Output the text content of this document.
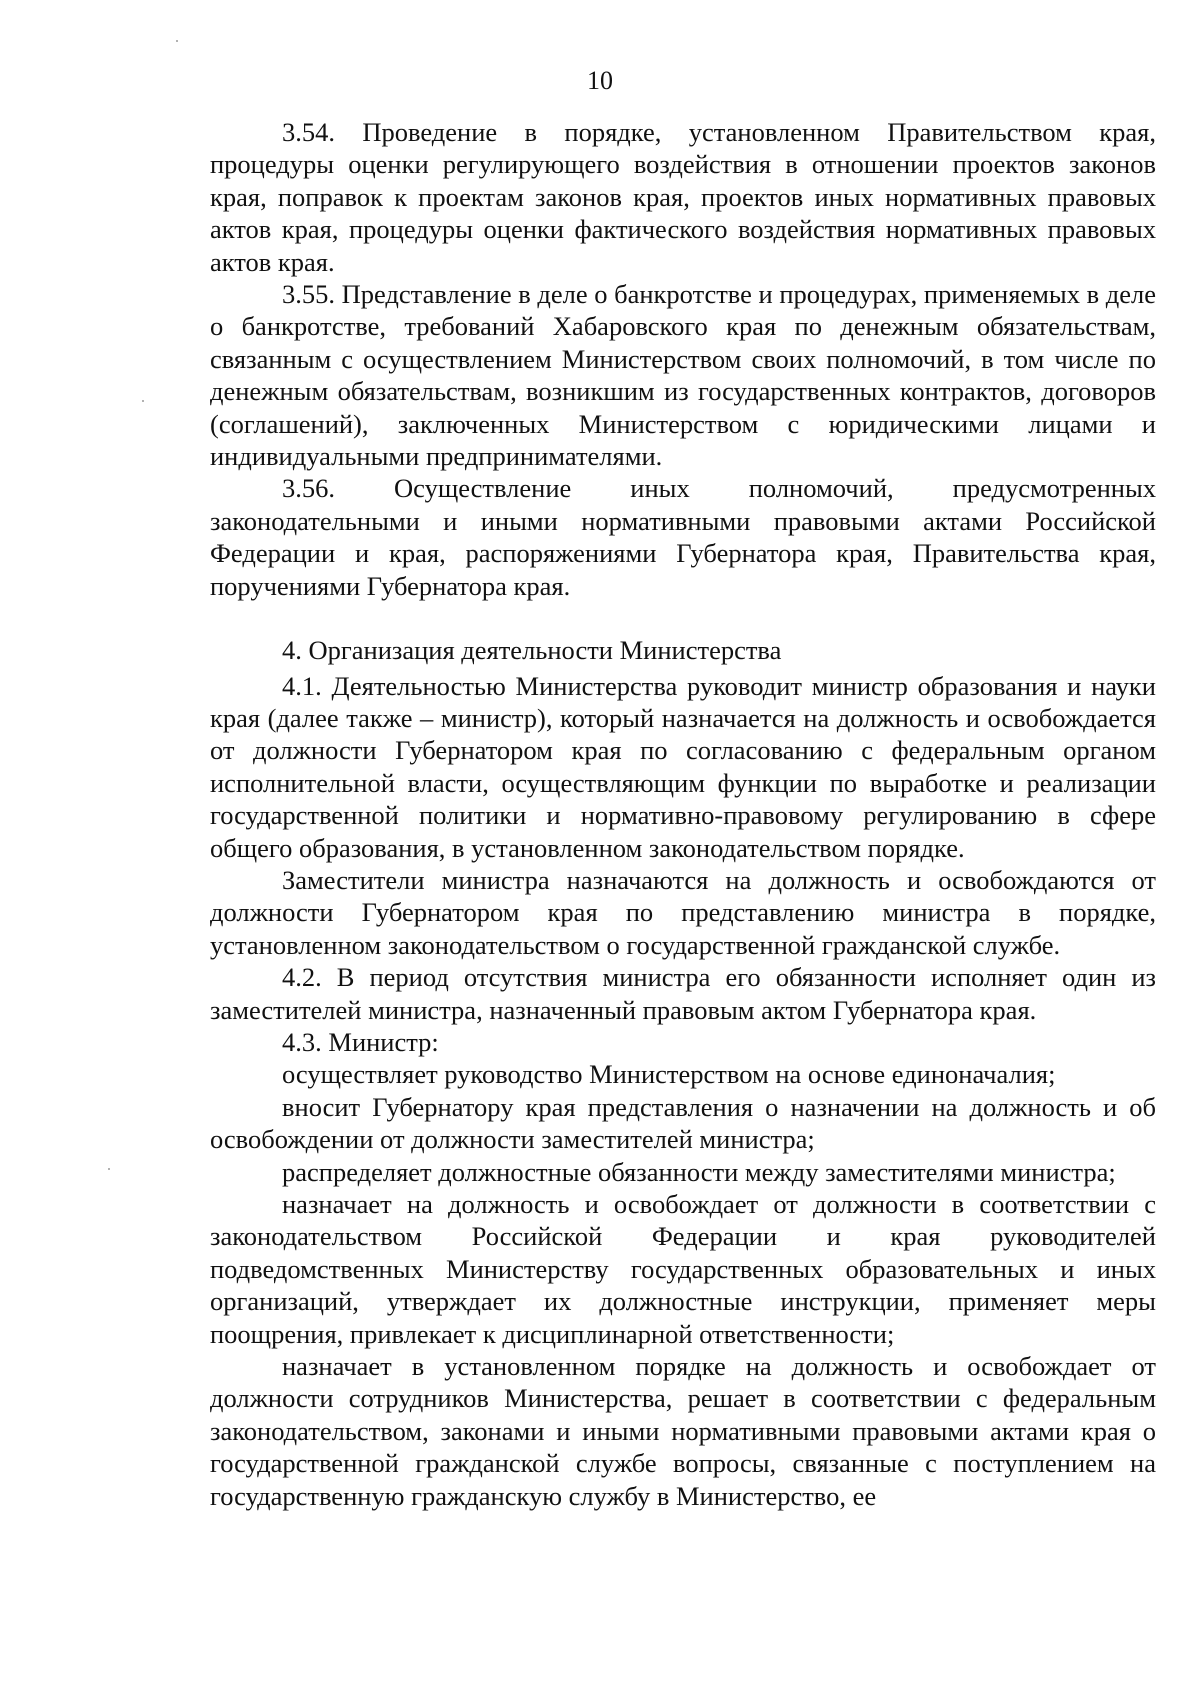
10

3.54. Проведение в порядке, установленном Правительством края, процедуры оценки регулирующего воздействия в отношении проектов законов края, поправок к проектам законов края, проектов иных нормативных правовых актов края, процедуры оценки фактического воздействия нормативных правовых актов края.

3.55. Представление в деле о банкротстве и процедурах, применяемых в деле о банкротстве, требований Хабаровского края по денежным обязательствам, связанным с осуществлением Министерством своих полномочий, в том числе по денежным обязательствам, возникшим из государственных контрактов, договоров (соглашений), заключенных Министерством с юридическими лицами и индивидуальными предпринимателями.

3.56. Осуществление иных полномочий, предусмотренных законодательными и иными нормативными правовыми актами Российской Федерации и края, распоряжениями Губернатора края, Правительства края, поручениями Губернатора края.

4. Организация деятельности Министерства

4.1. Деятельностью Министерства руководит министр образования и науки края (далее также – министр), который назначается на должность и освобождается от должности Губернатором края по согласованию с федеральным органом исполнительной власти, осуществляющим функции по выработке и реализации государственной политики и нормативно-правовому регулированию в сфере общего образования, в установленном законодательством порядке.

Заместители министра назначаются на должность и освобождаются от должности Губернатором края по представлению министра в порядке, установленном законодательством о государственной гражданской службе.

4.2. В период отсутствия министра его обязанности исполняет один из заместителей министра, назначенный правовым актом Губернатора края.

4.3. Министр:

осуществляет руководство Министерством на основе единоначалия;

вносит Губернатору края представления о назначении на должность и об освобождении от должности заместителей министра;

распределяет должностные обязанности между заместителями министра;

назначает на должность и освобождает от должности в соответствии с законодательством Российской Федерации и края руководителей подведомственных Министерству государственных образовательных и иных организаций, утверждает их должностные инструкции, применяет меры поощрения, привлекает к дисциплинарной ответственности;

назначает в установленном порядке на должность и освобождает от должности сотрудников Министерства, решает в соответствии с федеральным законодательством, законами и иными нормативными правовыми актами края о государственной гражданской службе вопросы, связанные с поступлением на государственную гражданскую службу в Министерство, ее
